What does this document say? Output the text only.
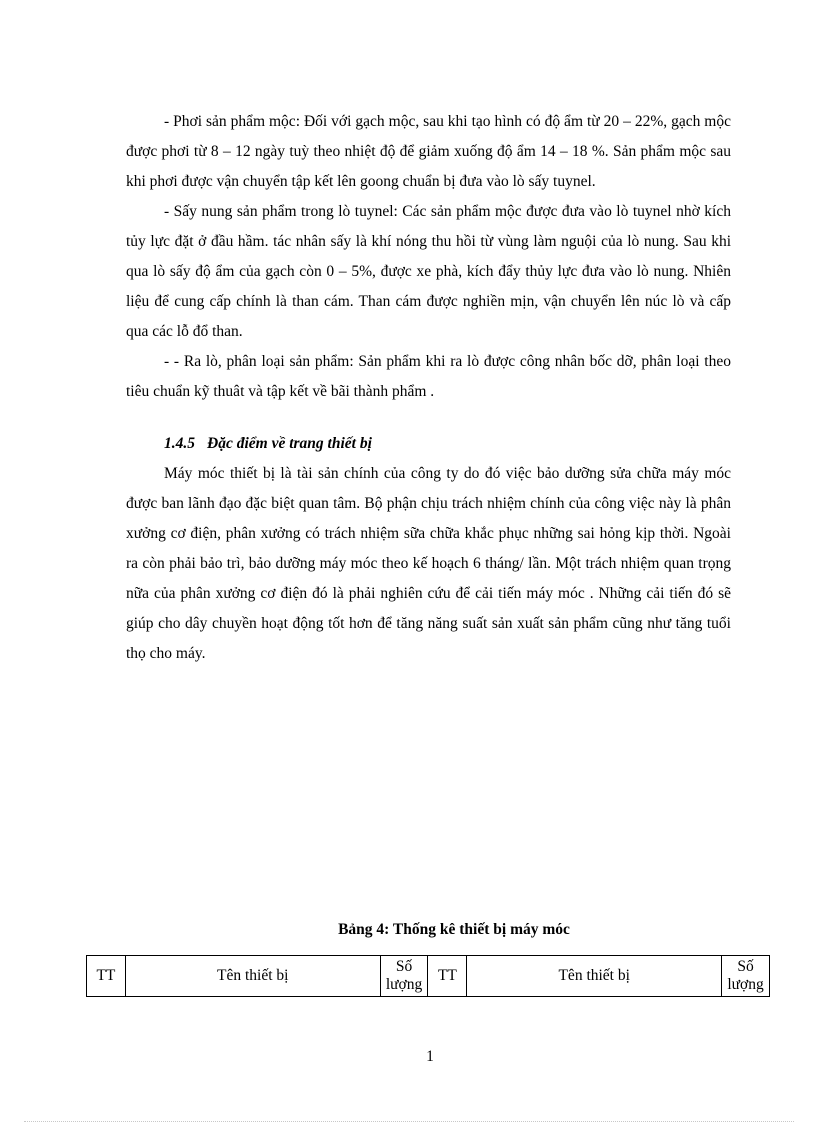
- Phơi sản phẩm mộc: Đối với gạch mộc, sau khi tạo hình có độ ẩm từ 20 – 22%, gạch mộc được phơi từ 8 – 12 ngày tuỳ theo nhiệt độ để giảm xuống độ ẩm 14 – 18 %. Sản phẩm mộc sau khi phơi được vận chuyển tập kết lên goong chuẩn bị đưa vào lò sấy tuynel.

- Sấy nung sản phẩm trong lò tuynel: Các sản phẩm mộc được đưa vào lò tuynel nhờ kích tủy lực đặt ở đầu hầm. tác nhân sấy là khí nóng thu hồi từ vùng làm nguội của lò nung. Sau khi qua lò sấy độ ẩm của gạch còn 0 – 5%, được xe phà, kích đẩy thủy lực đưa vào lò nung. Nhiên liệu để cung cấp chính là than cám. Than cám được nghiền mịn, vận chuyển lên núc lò và cấp qua các lỗ đổ than.

- - Ra lò, phân loại sản phẩm: Sản phẩm khi ra lò được công nhân bốc dỡ, phân loại theo tiêu chuẩn kỹ thuât và tập kết về bãi thành phẩm .

1.4.5 Đặc điểm về trang thiết bị

Máy móc thiết bị là tài sản chính của công ty do đó việc bảo dưỡng sửa chữa máy móc được ban lãnh đạo đặc biệt quan tâm. Bộ phận chịu trách nhiệm chính của công việc này là phân xưởng cơ điện, phân xưởng có trách nhiệm sữa chữa khắc phục những sai hỏng kịp thời. Ngoài ra còn phải bảo trì, bảo dưỡng máy móc theo kế hoạch 6 tháng/ lần. Một trách nhiệm quan trọng nữa của phân xưởng cơ điện đó là phải nghiên cứu để cải tiến máy móc . Những cải tiến đó sẽ giúp cho dây chuyền hoạt động tốt hơn để tăng năng suất sản xuất sản phẩm cũng như tăng tuổi thọ cho máy.

Bảng 4: Thống kê thiết bị máy móc
TT	Tên thiết bị	Số lượng	TT	Tên thiết bị	Số lượng
1
